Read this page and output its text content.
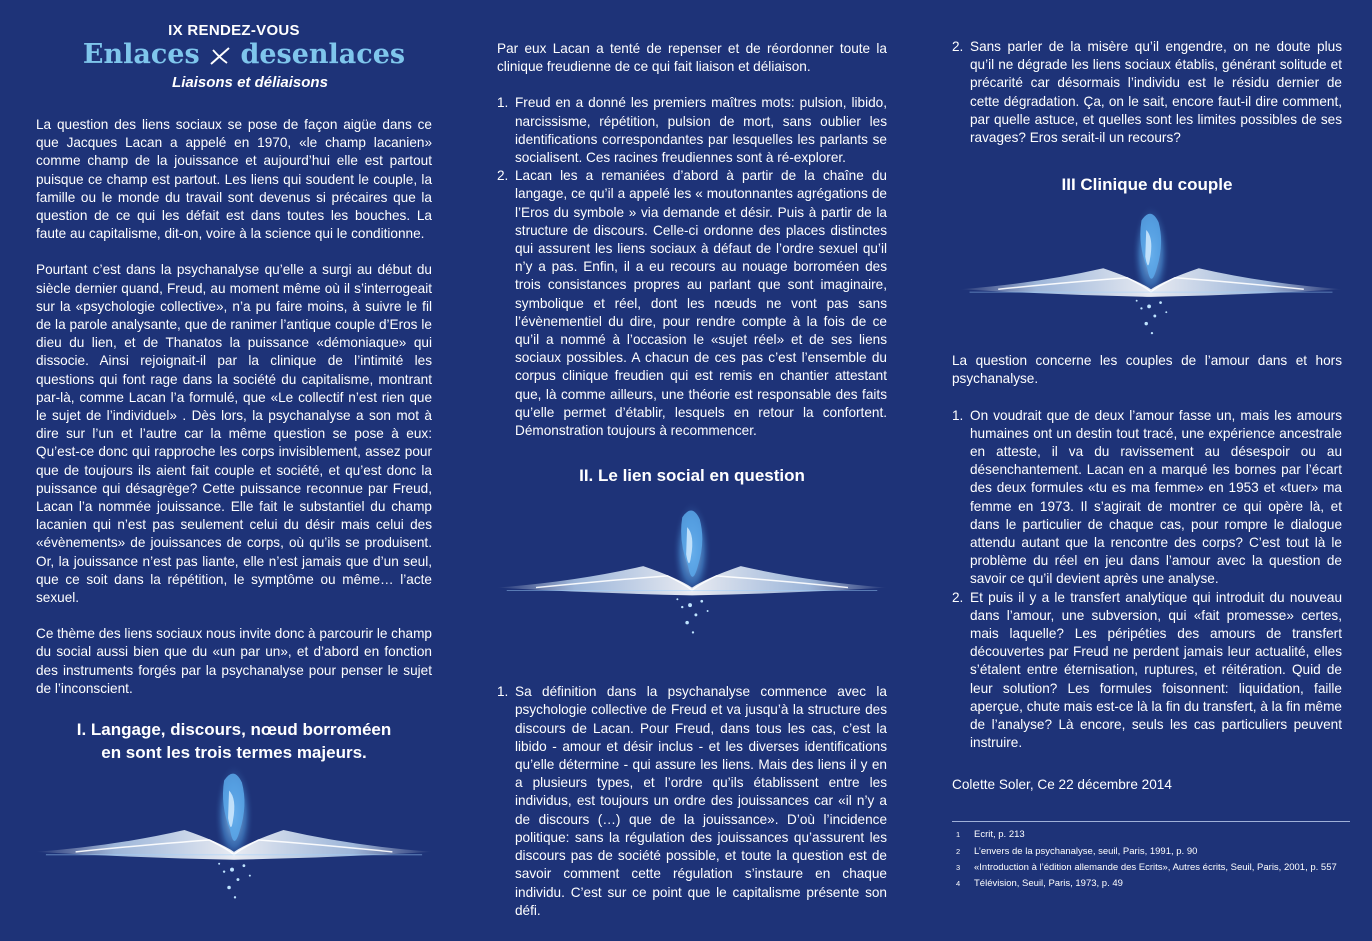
IX RENDEZ-VOUS
Enlaces desenlaces
Liaisons et déliaisons

La question des liens sociaux se pose de façon aigüe dans ce que Jacques Lacan a appelé en 1970, «le champ lacanien» comme champ de la jouissance et aujourd’hui elle est partout puisque ce champ est partout. Les liens qui soudent le couple, la famille ou le monde du travail sont devenus si précaires que la question de ce qui les défait est dans toutes les bouches. La faute au capitalisme, dit-on, voire à la science qui le conditionne.

Pourtant c’est dans la psychanalyse qu’elle a surgi au début du siècle dernier quand, Freud, au moment même où il s’interrogeait sur la «psychologie collective», n’a pu faire moins, à suivre le fil de la parole analysante, que de ranimer l’antique couple d’Eros le dieu du lien, et de Thanatos la puissance «démoniaque» qui dissocie. Ainsi rejoignait-il par la clinique de l’intimité les questions qui font rage dans la société du capitalisme, montrant par-là, comme Lacan l’a formulé, que «Le collectif n’est rien que le sujet de l’individuel» . Dès lors, la psychanalyse a son mot à dire sur l’un et l’autre car la même question se pose à eux: Qu’est-ce donc qui rapproche les corps invisiblement, assez pour que de toujours ils aient fait couple et société, et qu’est donc la puissance qui désagrège? Cette puissance reconnue par Freud, Lacan l’a nommée jouissance. Elle fait le substantiel du champ lacanien qui n’est pas seulement celui du désir mais celui des «évènements» de jouissances de corps, où qu’ils se produisent. Or, la jouissance n’est pas liante, elle n’est jamais que d’un seul, que ce soit dans la répétition, le symptôme ou même… l’acte sexuel.

Ce thème des liens sociaux nous invite donc à parcourir le champ du social aussi bien que du «un par un», et d’abord en fonction des instruments forgés par la psychanalyse pour penser le sujet de l’inconscient.

I. Langage, discours, nœud borroméen
en sont les trois termes majeurs.

Par eux Lacan a tenté de repenser et de réordonner toute la clinique freudienne de ce qui fait liaison et déliaison.

1. Freud en a donné les premiers maîtres mots: pulsion, libido, narcissisme, répétition, pulsion de mort, sans oublier les identifications correspondantes par lesquelles les parlants se socialisent. Ces racines freudiennes sont à ré-explorer.
2. Lacan les a remaniées d’abord à partir de la chaîne du langage, ce qu’il a appelé les « moutonnantes agrégations de l’Eros du symbole » via demande et désir. Puis à partir de la structure de discours. Celle-ci ordonne des places distinctes qui assurent les liens sociaux à défaut de l’ordre sexuel qu’il n’y a pas. Enfin, il a eu recours au nouage borroméen des trois consistances propres au parlant que sont imaginaire, symbolique et réel, dont les nœuds ne vont pas sans l’évènementiel du dire, pour rendre compte à la fois de ce qu’il a nommé à l’occasion le «sujet réel» et de ses liens sociaux possibles. A chacun de ces pas c’est l’ensemble du corpus clinique freudien qui est remis en chantier attestant que, là comme ailleurs, une théorie est responsable des faits qu’elle permet d’établir, lesquels en retour la confortent. Démonstration toujours à recommencer.
II. Le lien social en question
1. Sa définition dans la psychanalyse commence avec la psychologie collective de Freud et va jusqu’à la structure des discours de Lacan. Pour Freud, dans tous les cas, c’est la libido - amour et désir inclus - et les diverses identifications qu’elle détermine - qui assure les liens. Mais des liens il y en a plusieurs types, et l’ordre qu’ils établissent entre les individus, est toujours un ordre des jouissances car «il n’y a de discours (…) que de la jouissance». D’où l’incidence politique: sans la régulation des jouissances qu’assurent les discours pas de société possible, et toute la question est de savoir comment cette régulation s’instaure en chaque individu. C’est sur ce point que le capitalisme présente son défi.
2. Sans parler de la misère qu’il engendre, on ne doute plus qu’il ne dégrade les liens sociaux établis, générant solitude et précarité car désormais l’individu est le résidu dernier de cette dégradation. Ça, on le sait, encore faut-il dire comment, par quelle astuce, et quelles sont les limites possibles de ses ravages? Eros serait-il un recours?
III Clinique du couple

La question concerne les couples de l’amour dans et hors psychanalyse.

1. On voudrait que de deux l’amour fasse un, mais les amours humaines ont un destin tout tracé, une expérience ancestrale en atteste, il va du ravissement au désespoir ou au désenchantement. Lacan en a marqué les bornes par l’écart des deux formules «tu es ma femme» en 1953 et «tuer» ma femme en 1973. Il s’agirait de montrer ce qui opère là, et dans le particulier de chaque cas, pour rompre le dialogue attendu autant que la rencontre des corps? C’est tout là le problème du réel en jeu dans l’amour avec la question de savoir ce qu’il devient après une analyse.
2. Et puis il y a le transfert analytique qui introduit du nouveau dans l’amour, une subversion, qui «fait promesse» certes, mais laquelle? Les péripéties des amours de transfert découvertes par Freud ne perdent jamais leur actualité, elles s’étalent entre éternisation, ruptures, et réitération. Quid de leur solution? Les formules foisonnent: liquidation, faille aperçue, chute mais est-ce là la fin du transfert, à la fin même de l’analyse? Là encore, seuls les cas particuliers peuvent instruire.

Colette Soler, Ce 22 décembre 2014

1 Ecrit, p. 213
2 L’envers de la psychanalyse, seuil, Paris, 1991, p. 90
3 «Introduction à l’édition allemande des Ecrits», Autres écrits, Seuil, Paris, 2001, p. 557
4 Télévision, Seuil, Paris, 1973, p. 49
